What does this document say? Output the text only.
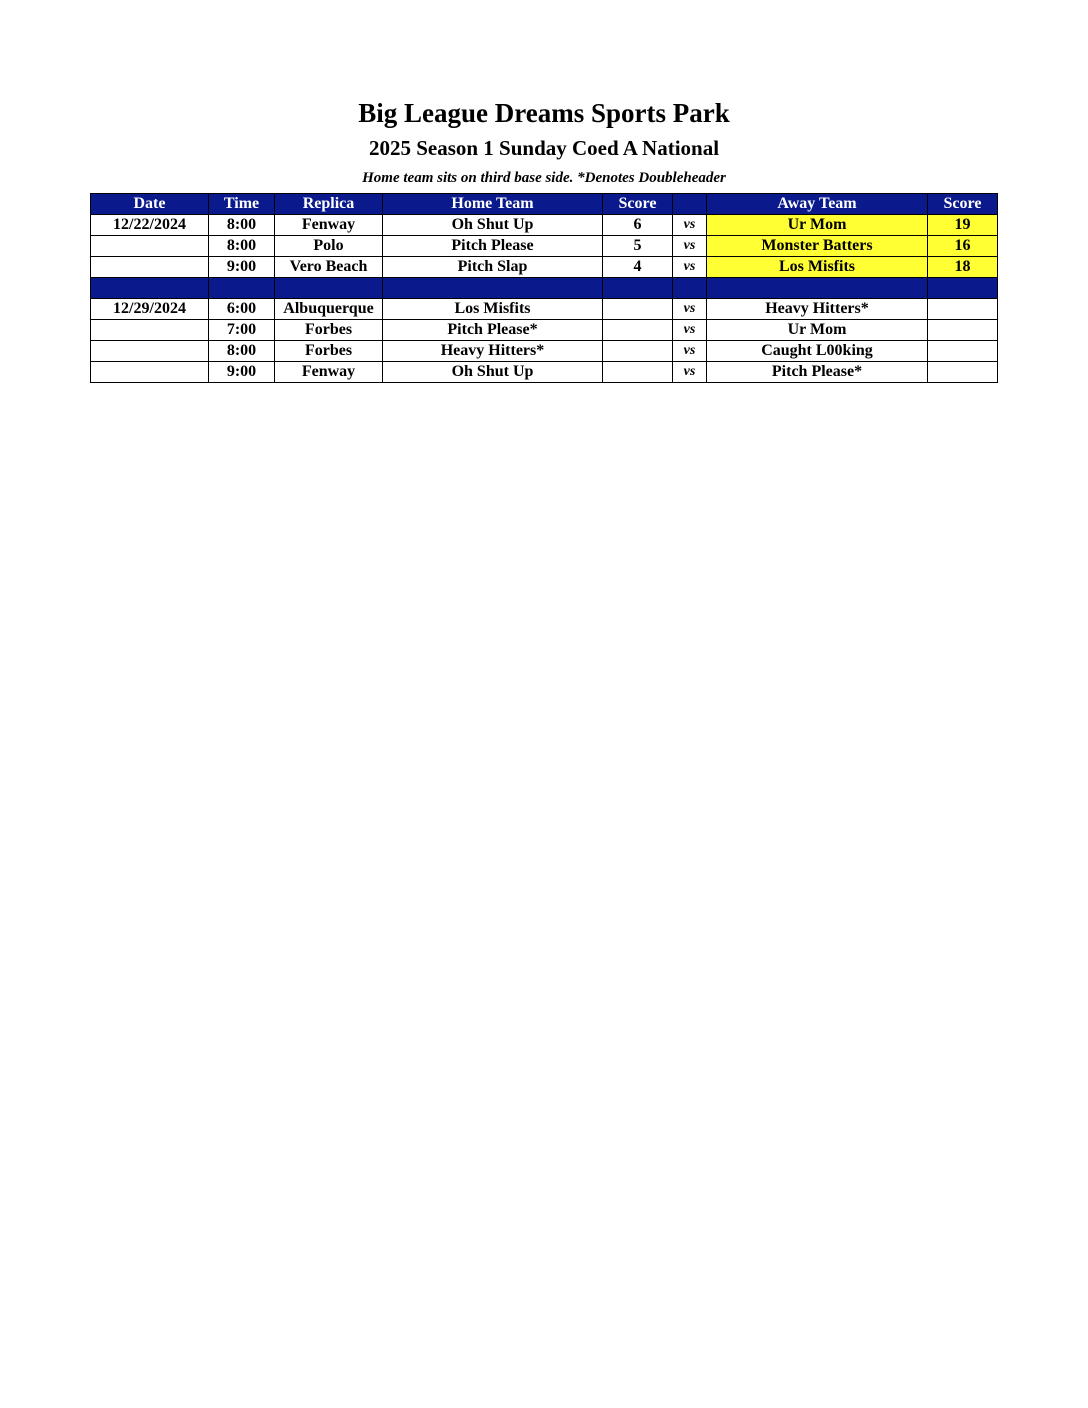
Big League Dreams Sports Park
2025 Season 1 Sunday Coed A National
Home team sits on third base side. *Denotes Doubleheader
Date	Time	Replica	Home Team	Score		Away Team	Score
12/22/2024	8:00	Fenway	Oh Shut Up	6	vs	Ur Mom	19
	8:00	Polo	Pitch Please	5	vs	Monster Batters	16
	9:00	Vero Beach	Pitch Slap	4	vs	Los Misfits	18

12/29/2024	6:00	Albuquerque	Los Misfits		vs	Heavy Hitters*	
	7:00	Forbes	Pitch Please*		vs	Ur Mom	
	8:00	Forbes	Heavy Hitters*		vs	Caught L00king	
	9:00	Fenway	Oh Shut Up		vs	Pitch Please*	
